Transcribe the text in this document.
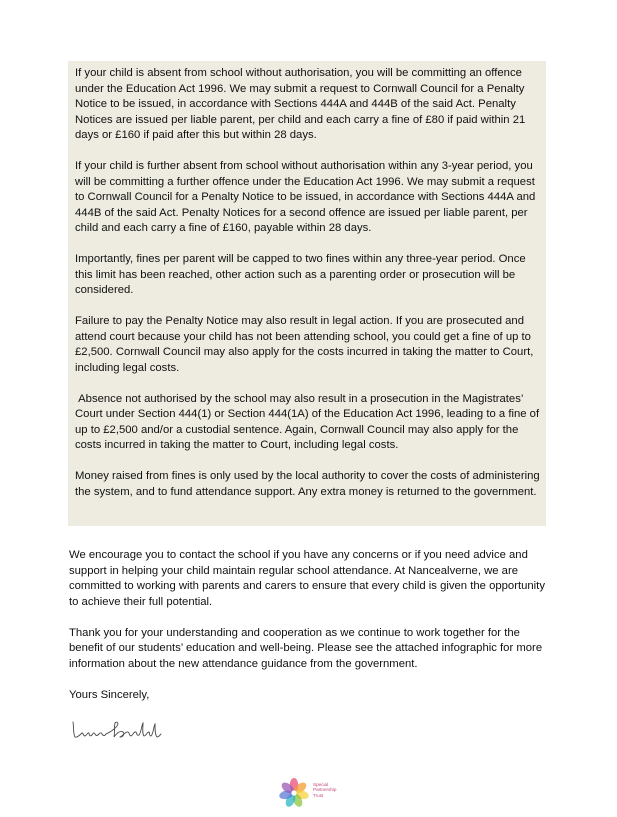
If your child is absent from school without authorisation, you will be committing an offence under the Education Act 1996. We may submit a request to Cornwall Council for a Penalty Notice to be issued, in accordance with Sections 444A and 444B of the said Act. Penalty Notices are issued per liable parent, per child and each carry a fine of £80 if paid within 21 days or £160 if paid after this but within 28 days.

If your child is further absent from school without authorisation within any 3-year period, you will be committing a further offence under the Education Act 1996. We may submit a request to Cornwall Council for a Penalty Notice to be issued, in accordance with Sections 444A and 444B of the said Act. Penalty Notices for a second offence are issued per liable parent, per child and each carry a fine of £160, payable within 28 days.

Importantly, fines per parent will be capped to two fines within any three-year period. Once this limit has been reached, other action such as a parenting order or prosecution will be considered.

Failure to pay the Penalty Notice may also result in legal action. If you are prosecuted and attend court because your child has not been attending school, you could get a fine of up to £2,500. Cornwall Council may also apply for the costs incurred in taking the matter to Court, including legal costs.

Absence not authorised by the school may also result in a prosecution in the Magistrates’ Court under Section 444(1) or Section 444(1A) of the Education Act 1996, leading to a fine of up to £2,500 and/or a custodial sentence. Again, Cornwall Council may also apply for the costs incurred in taking the matter to Court, including legal costs.

Money raised from fines is only used by the local authority to cover the costs of administering the system, and to fund attendance support. Any extra money is returned to the government.

We encourage you to contact the school if you have any concerns or if you need advice and support in helping your child maintain regular school attendance. At Nancealverne, we are committed to working with parents and carers to ensure that every child is given the opportunity to achieve their full potential.

Thank you for your understanding and cooperation as we continue to work together for the benefit of our students’ education and well-being. Please see the attached infographic for more information about the new attendance guidance from the government.

Yours Sincerely,

Special
Partnership
Trust
